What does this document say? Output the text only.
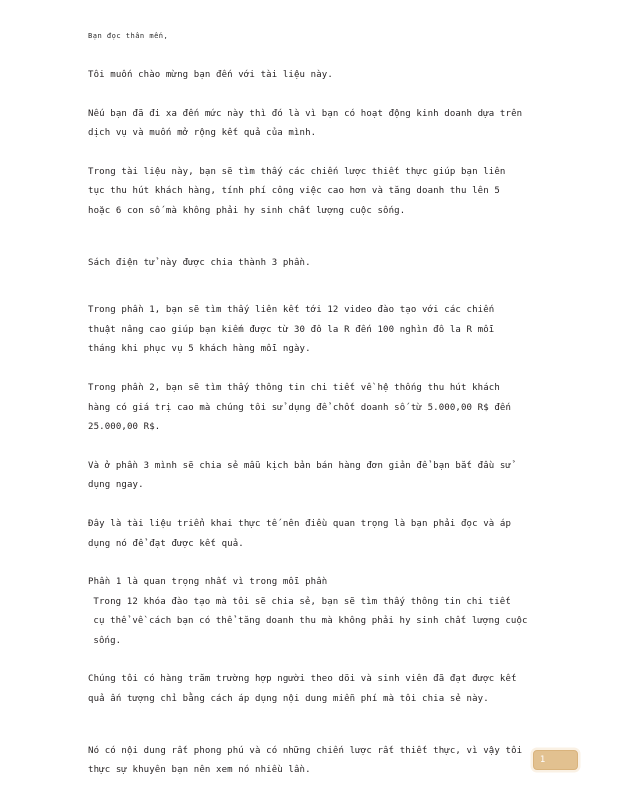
Bạn đọc thân mến,

Tôi muốn chào mừng bạn đến với tài liệu này.

Nếu bạn đã đi xa đến mức này thì đó là vì bạn có hoạt động kinh doanh dựa trên
dịch vụ và muốn mở rộng kết quả của mình.

Trong tài liệu này, bạn sẽ tìm thấy các chiến lược thiết thực giúp bạn liên
tục thu hút khách hàng, tính phí công việc cao hơn và tăng doanh thu lên 5
hoặc 6 con số mà không phải hy sinh chất lượng cuộc sống.

Sách điện tử này được chia thành 3 phần.

Trong phần 1, bạn sẽ tìm thấy liên kết tới 12 video đào tạo với các chiến
thuật nâng cao giúp bạn kiếm được từ 30 đô la R đến 100 nghìn đô la R mỗi
tháng khi phục vụ 5 khách hàng mỗi ngày.

Trong phần 2, bạn sẽ tìm thấy thông tin chi tiết về hệ thống thu hút khách
hàng có giá trị cao mà chúng tôi sử dụng để chốt doanh số từ 5.000,00 R$ đến
25.000,00 R$.

Và ở phần 3 mình sẽ chia sẻ mẫu kịch bản bán hàng đơn giản để bạn bắt đầu sử
dụng ngay.

Đây là tài liệu triển khai thực tế nên điều quan trọng là bạn phải đọc và áp
dụng nó để đạt được kết quả.

Phần 1 là quan trọng nhất vì trong mỗi phần

Trong 12 khóa đào tạo mà tôi sẽ chia sẻ, bạn sẽ tìm thấy thông tin chi tiết
cụ thể về cách bạn có thể tăng doanh thu mà không phải hy sinh chất lượng cuộc
sống.

Chúng tôi có hàng trăm trường hợp người theo dõi và sinh viên đã đạt được kết
quả ấn tượng chỉ bằng cách áp dụng nội dung miễn phí mà tôi chia sẻ này.

Nó có nội dung rất phong phú và có những chiến lược rất thiết thực, vì vậy tôi
thực sự khuyên bạn nên xem nó nhiều lần.

1
